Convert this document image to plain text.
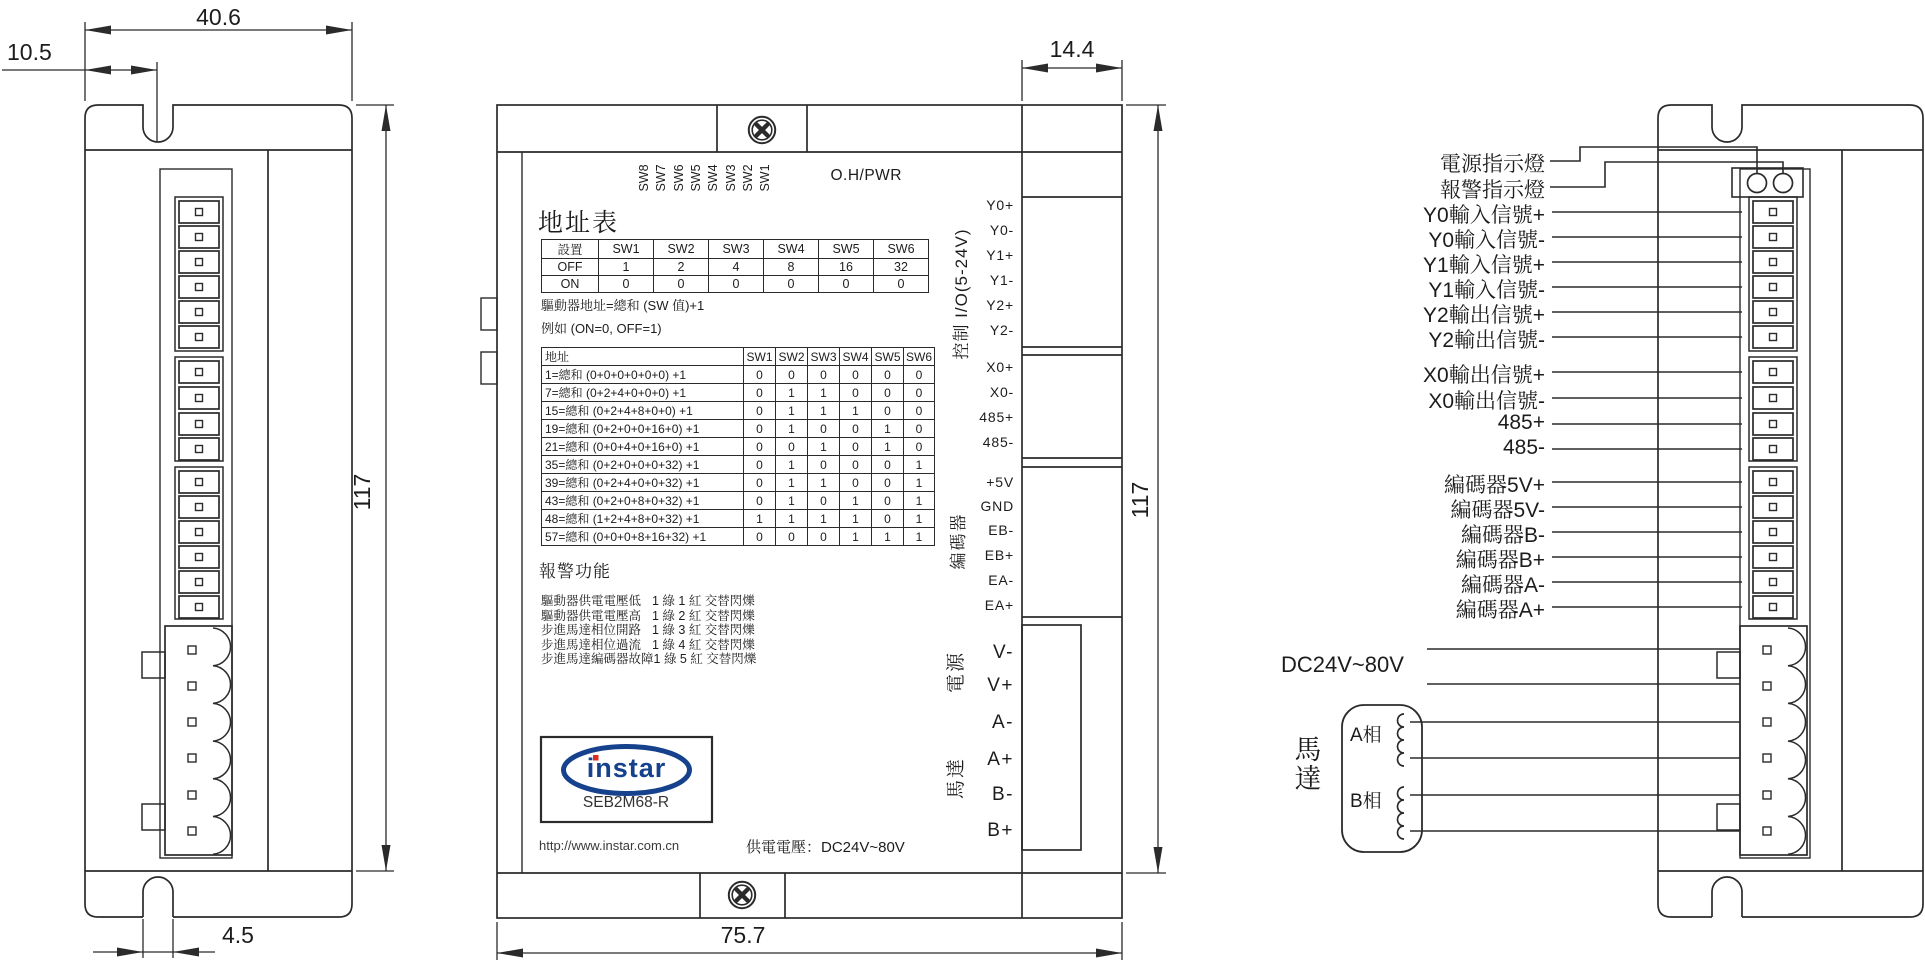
40.6
10.5	14.4
117	117
75.7
4.5
O.H/PWR
地址表
驅動器地址=總和 (SW 值)+1
例如 (ON=0, OFF=1)
報警功能
instar
SEB2M68-R
http://www.instar.com.cn	供電電壓：DC24V~80V
控制 I/O(5-24V)
編碼器
電源
馬達
DC24V~80V
馬達
A相
B相
設置	SW1	SW2	SW3	SW4	SW5	SW6
OFF	1	2	4	8	16	32
ON	0	0	0	0	0	0
地址	SW1	SW2	SW3	SW4	SW5	SW6
1=總和 (0+0+0+0+0+0) +1	0	0	0	0	0	0
7=總和 (0+2+4+0+0+0) +1	0	1	1	0	0	0
15=總和 (0+2+4+8+0+0) +1	0	1	1	1	0	0
19=總和 (0+2+0+0+16+0) +1	0	1	0	0	1	0
21=總和 (0+0+4+0+16+0) +1	0	0	1	0	1	0
35=總和 (0+2+0+0+0+32) +1	0	1	0	0	0	1
39=總和 (0+2+4+0+0+32) +1	0	1	1	0	0	1
43=總和 (0+2+0+8+0+32) +1	0	1	0	1	0	1
48=總和 (1+2+4+8+0+32) +1	1	1	1	1	0	1
57=總和 (0+0+0+8+16+32) +1	0	0	0	1	1	1
SW8 SW7 SW6 SW5 SW4 SW3 SW2 SW1
Y0+
Y0-
Y1+
Y1-
Y2+
Y2-
X0+
X0-
485+
485-
+5V
GND
EB-
EB+
EA-
EA+
V-
V+
A-
A+
B-
B+
電源指示燈
報警指示燈
Y0輸入信號+
Y0輸入信號-
Y1輸入信號+
Y1輸入信號-
Y2輸出信號+
Y2輸出信號-
X0輸出信號+
X0輸出信號-
485+
485-
編碼器5V+
編碼器5V-
編碼器B-
編碼器B+
編碼器A-
編碼器A+
驅動器供電電壓低 1 綠 1 紅 交替閃爍
驅動器供電電壓高 1 綠 2 紅 交替閃爍
步進馬達相位開路 1 綠 3 紅 交替閃爍
步進馬達相位過流 1 綠 4 紅 交替閃爍
步進馬達編碼器故障1 綠 5 紅 交替閃爍
